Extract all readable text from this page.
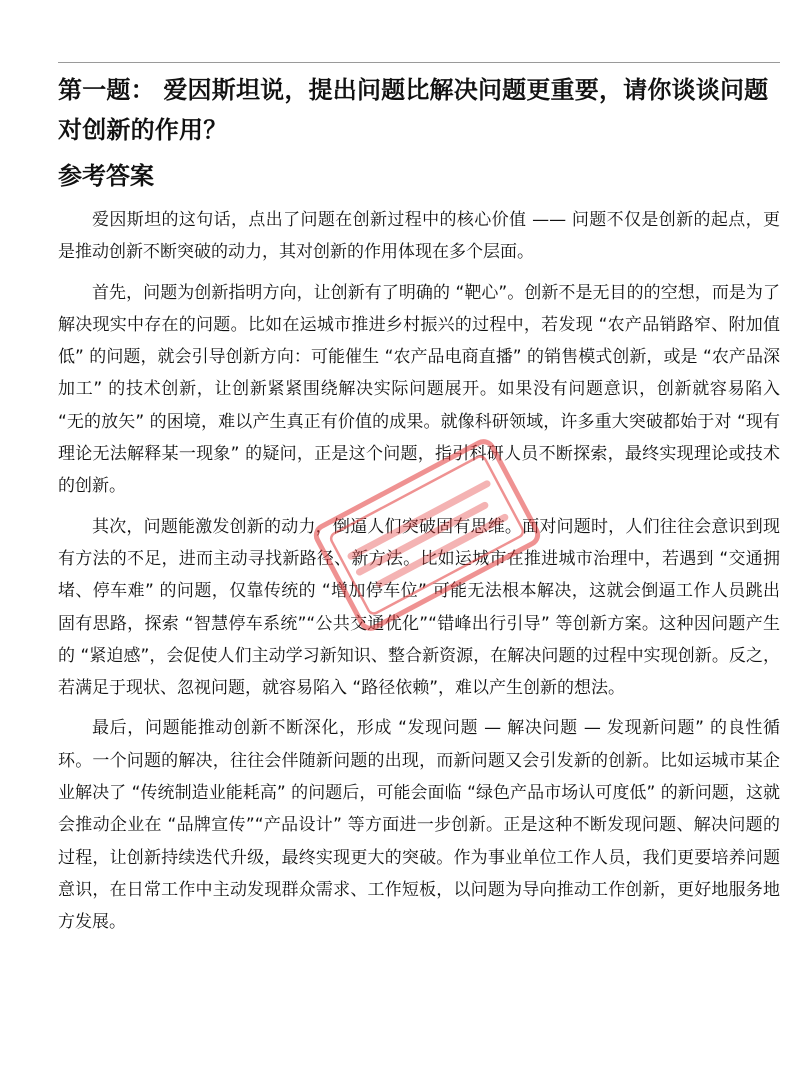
第一题： 爱因斯坦说，提出问题比解决问题更重要，请你谈谈问题对创新的作用？
参考答案

爱因斯坦的这句话，点出了问题在创新过程中的核心价值 —— 问题不仅是创新的起点，更是推动创新不断突破的动力，其对创新的作用体现在多个层面。

首先，问题为创新指明方向，让创新有了明确的 “靶心”。创新不是无目的的空想，而是为了解决现实中存在的问题。比如在运城市推进乡村振兴的过程中，若发现 “农产品销路窄、附加值低” 的问题，就会引导创新方向：可能催生 “农产品电商直播” 的销售模式创新，或是 “农产品深加工” 的技术创新，让创新紧紧围绕解决实际问题展开。如果没有问题意识，创新就容易陷入 “无的放矢” 的困境，难以产生真正有价值的成果。就像科研领域，许多重大突破都始于对 “现有理论无法解释某一现象” 的疑问，正是这个问题，指引科研人员不断探索，最终实现理论或技术的创新。

其次，问题能激发创新的动力，倒逼人们突破固有思维。面对问题时，人们往往会意识到现有方法的不足，进而主动寻找新路径、新方法。比如运城市在推进城市治理中，若遇到 “交通拥堵、停车难” 的问题，仅靠传统的 “增加停车位” 可能无法根本解决，这就会倒逼工作人员跳出固有思路，探索 “智慧停车系统”“公共交通优化”“错峰出行引导” 等创新方案。这种因问题产生的 “紧迫感”，会促使人们主动学习新知识、整合新资源，在解决问题的过程中实现创新。反之，若满足于现状、忽视问题，就容易陷入 “路径依赖”，难以产生创新的想法。

最后，问题能推动创新不断深化，形成 “发现问题 — 解决问题 — 发现新问题” 的良性循环。一个问题的解决，往往会伴随新问题的出现，而新问题又会引发新的创新。比如运城市某企业解决了 “传统制造业能耗高” 的问题后，可能会面临 “绿色产品市场认可度低” 的新问题，这就会推动企业在 “品牌宣传”“产品设计” 等方面进一步创新。正是这种不断发现问题、解决问题的过程，让创新持续迭代升级，最终实现更大的突破。作为事业单位工作人员，我们更要培养问题意识，在日常工作中主动发现群众需求、工作短板，以问题为导向推动工作创新，更好地服务地方发展。
